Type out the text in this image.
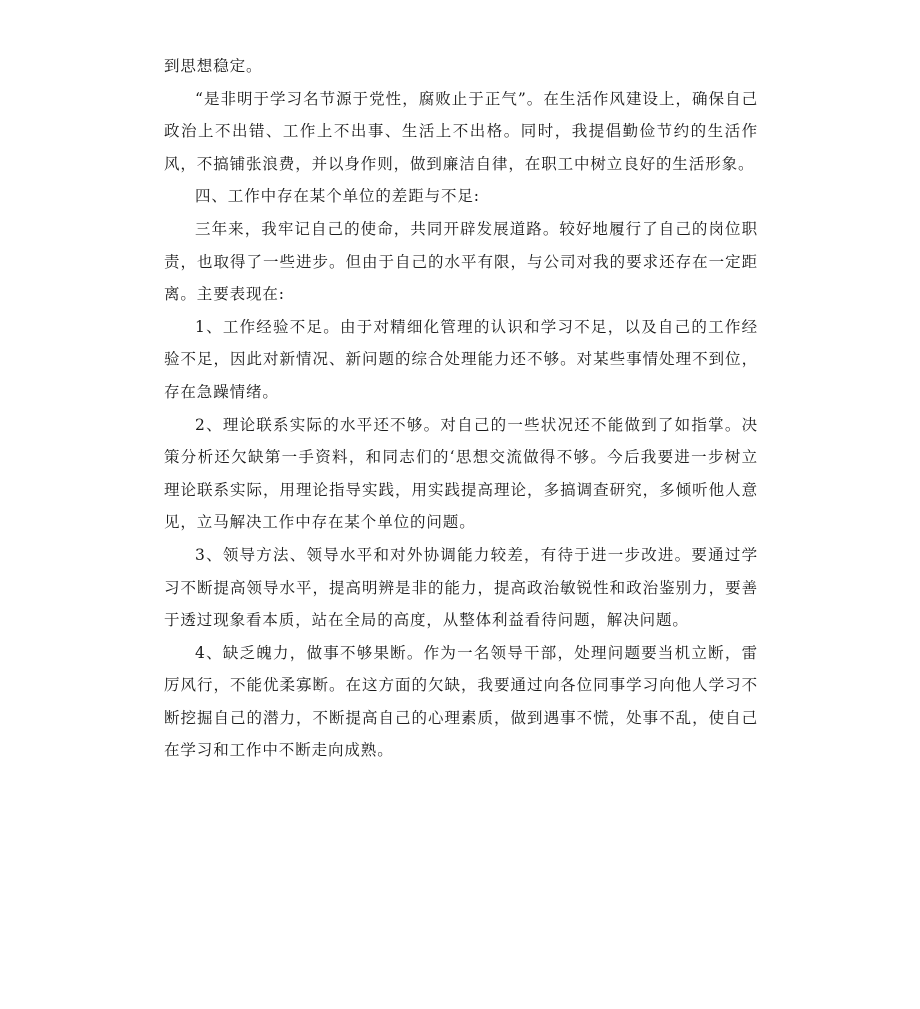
到思想稳定。

“是非明于学习名节源于党性，腐败止于正气”。在生活作风建设上，确保自己政治上不出错、工作上不出事、生活上不出格。同时，我提倡勤俭节约的生活作风，不搞铺张浪费，并以身作则，做到廉洁自律，在职工中树立良好的生活形象。

四、工作中存在某个单位的差距与不足:

三年来，我牢记自己的使命，共同开辟发展道路。较好地履行了自己的岗位职责，也取得了一些进步。但由于自己的水平有限，与公司对我的要求还存在一定距离。主要表现在:

1、工作经验不足。由于对精细化管理的认识和学习不足，以及自己的工作经验不足，因此对新情况、新问题的综合处理能力还不够。对某些事情处理不到位，存在急躁情绪。

2、理论联系实际的水平还不够。对自己的一些状况还不能做到了如指掌。决策分析还欠缺第一手资料，和同志们的‘思想交流做得不够。今后我要进一步树立理论联系实际，用理论指导实践，用实践提高理论，多搞调查研究，多倾听他人意见，立马解决工作中存在某个单位的问题。

3、领导方法、领导水平和对外协调能力较差，有待于进一步改进。要通过学习不断提高领导水平，提高明辨是非的能力，提高政治敏锐性和政治鉴别力，要善于透过现象看本质，站在全局的高度，从整体利益看待问题，解决问题。

4、缺乏魄力，做事不够果断。作为一名领导干部，处理问题要当机立断，雷厉风行，不能优柔寡断。在这方面的欠缺，我要通过向各位同事学习向他人学习不断挖掘自己的潜力，不断提高自己的心理素质，做到遇事不慌，处事不乱，使自己在学习和工作中不断走向成熟。
